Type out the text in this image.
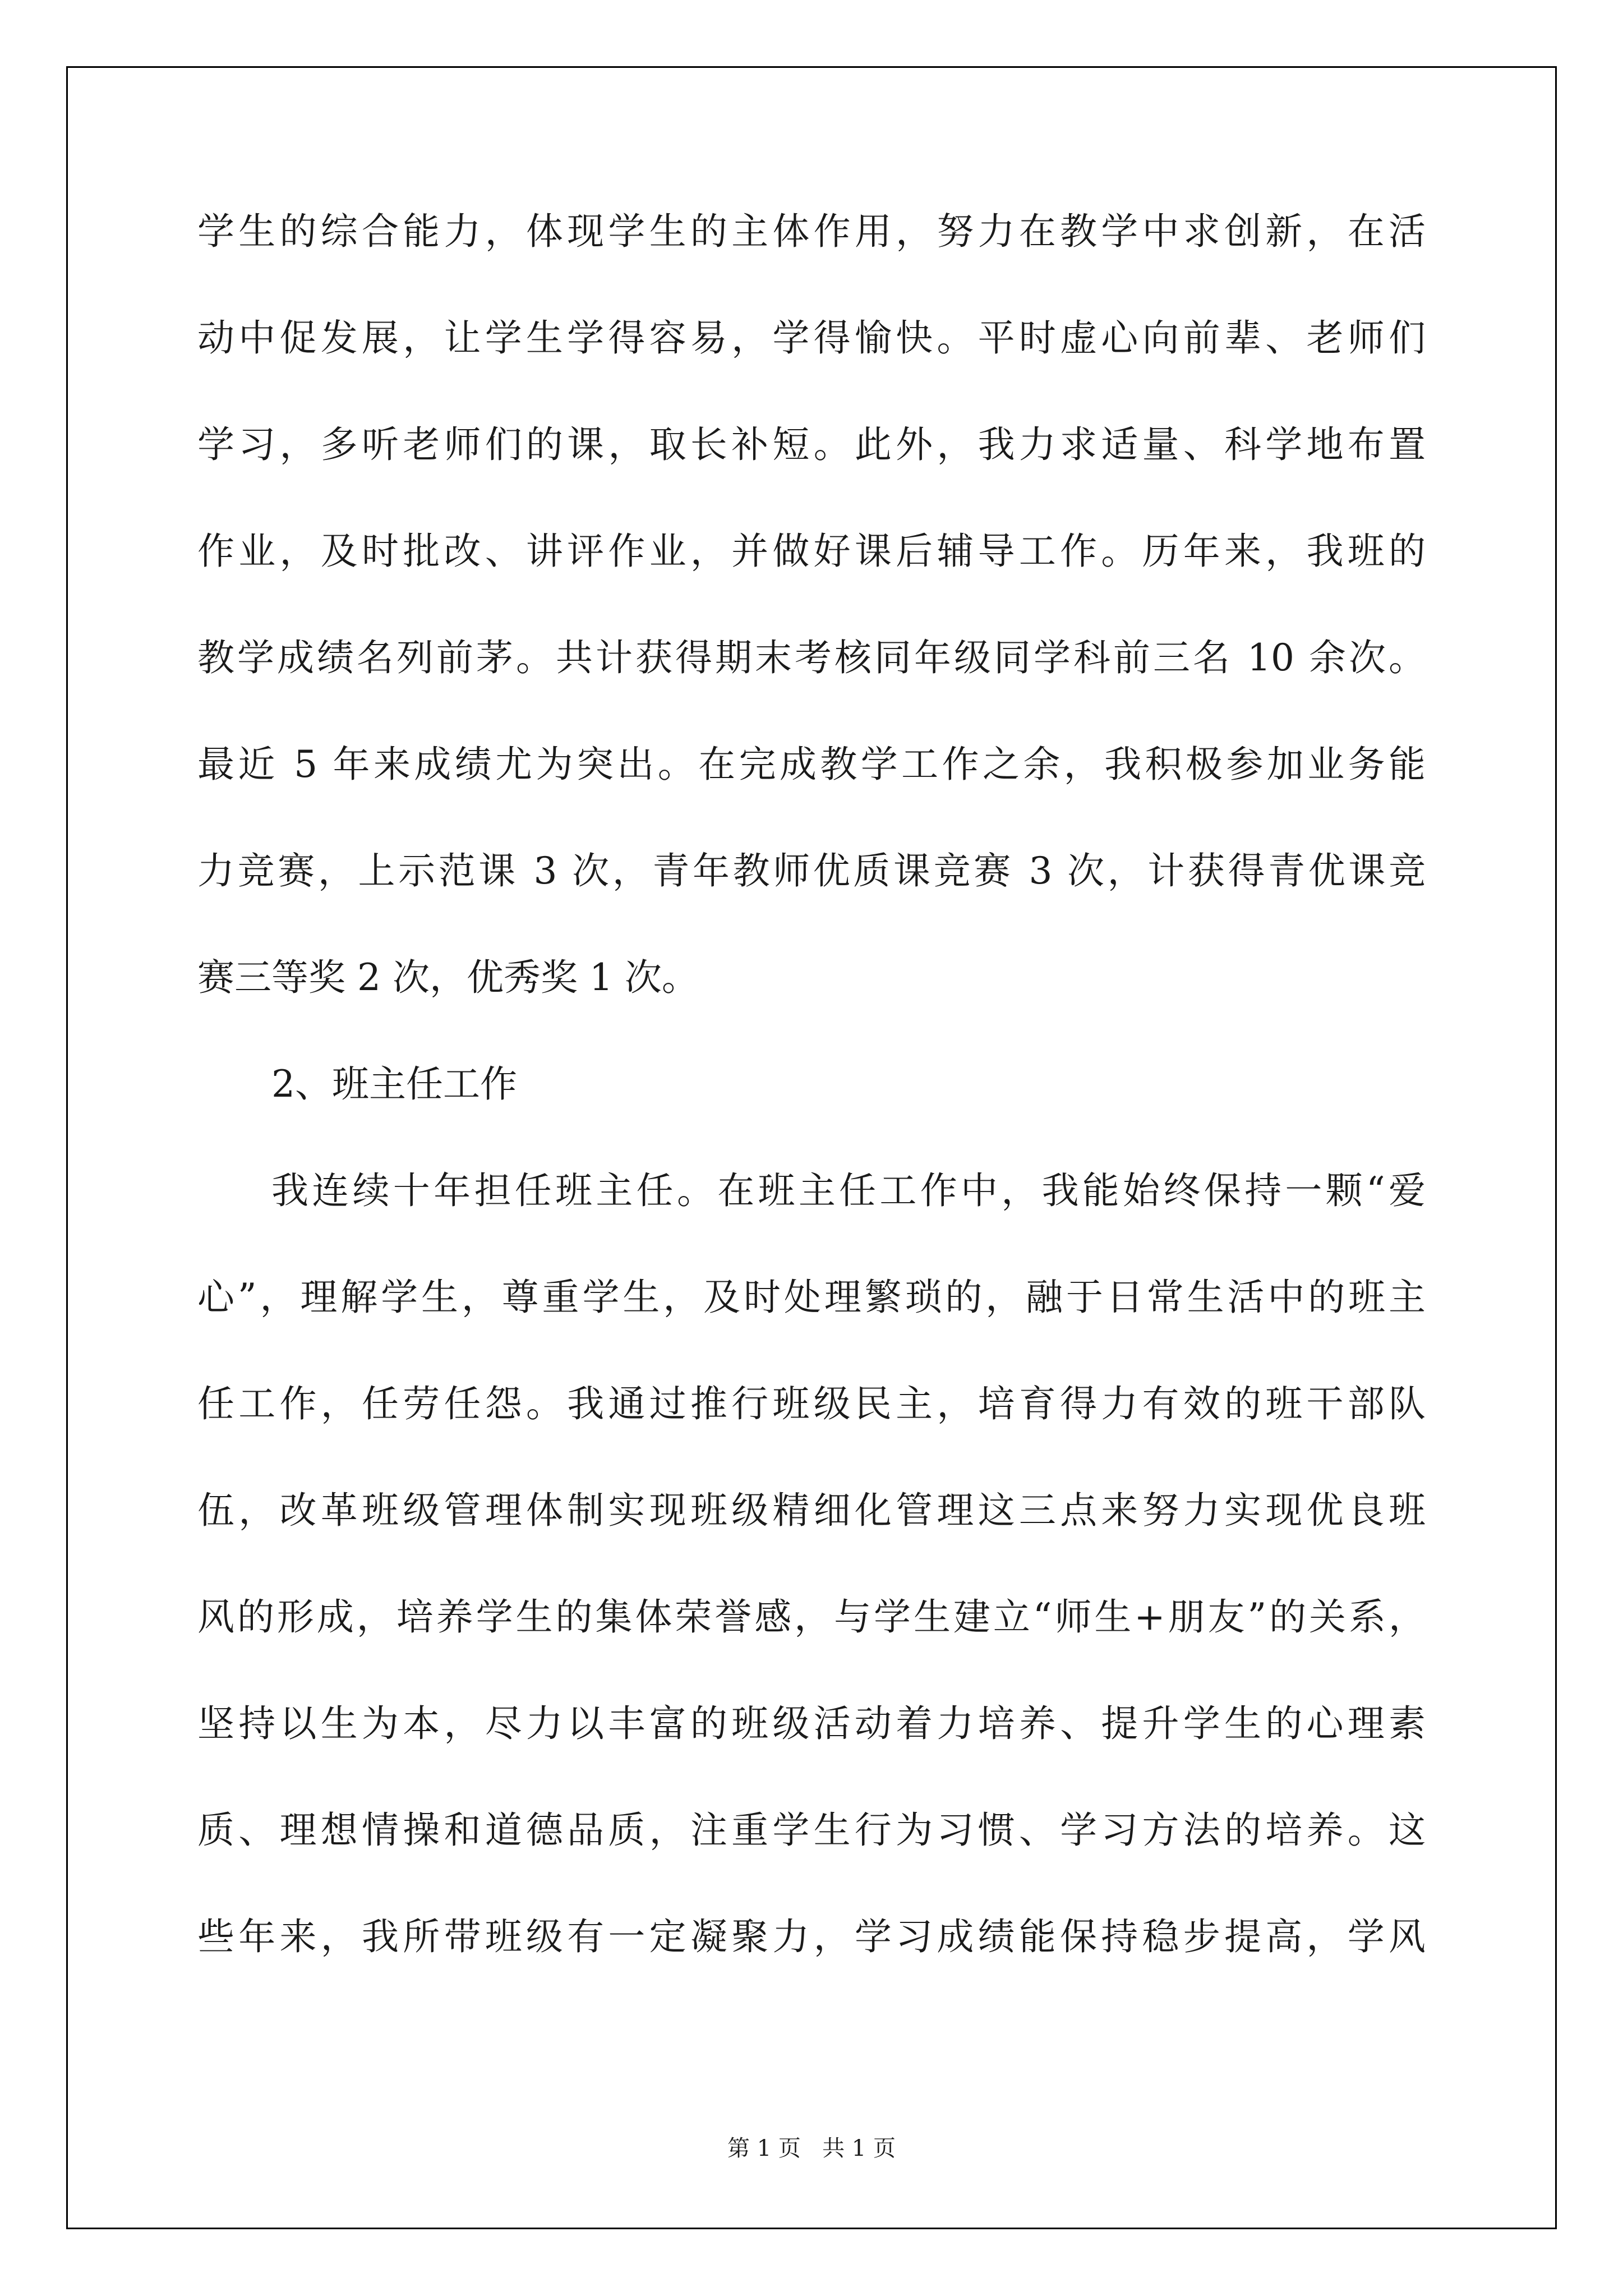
学生的综合能力，体现学生的主体作用，努力在教学中求创新，在活
动中促发展，让学生学得容易，学得愉快。平时虚心向前辈、老师们
学习，多听老师们的课，取长补短。此外，我力求适量、科学地布置
作业，及时批改、讲评作业，并做好课后辅导工作。历年来，我班的
教学成绩名列前茅。共计获得期末考核同年级同学科前三名 10 余次。
最近 5 年来成绩尤为突出。在完成教学工作之余，我积极参加业务能
力竞赛，上示范课 3 次，青年教师优质课竞赛 3 次，计获得青优课竞
赛三等奖 2 次，优秀奖 1 次。
2、班主任工作
我连续十年担任班主任。在班主任工作中，我能始终保持一颗“爱
心”，理解学生，尊重学生，及时处理繁琐的，融于日常生活中的班主
任工作，任劳任怨。我通过推行班级民主，培育得力有效的班干部队
伍，改革班级管理体制实现班级精细化管理这三点来努力实现优良班
风的形成，培养学生的集体荣誉感，与学生建立“师生+朋友”的关系，
坚持以生为本，尽力以丰富的班级活动着力培养、提升学生的心理素
质、理想情操和道德品质，注重学生行为习惯、学习方法的培养。这
些年来，我所带班级有一定凝聚力，学习成绩能保持稳步提高，学风
第 1 页   共 1 页
